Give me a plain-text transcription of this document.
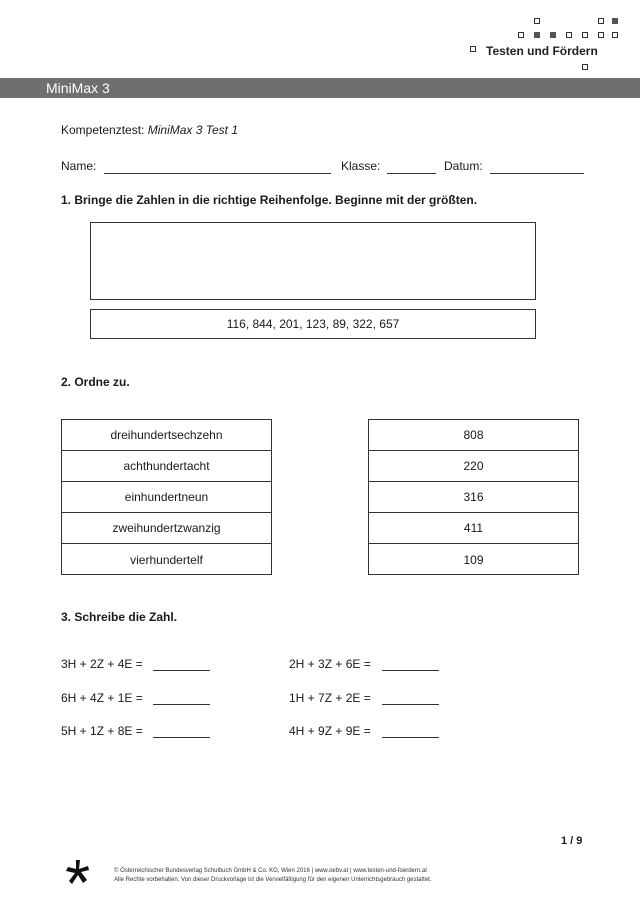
Testen und Fördern
MiniMax 3
Kompetenztest: MiniMax 3 Test 1
Name:	Klasse:	Datum:
1. Bringe die Zahlen in die richtige Reihenfolge. Beginne mit der größten.
116, 844, 201, 123, 89, 322, 657
2. Ordne zu.
dreihundertsechzehn
achthundertacht
einhundertneun
zweihundertzwanzig
vierhundertelf
808
220
316
411
109
3. Schreibe die Zahl.
3H + 2Z + 4E =
6H + 4Z + 1E =
5H + 1Z + 8E =
2H + 3Z + 6E =
1H + 7Z + 2E =
4H + 9Z + 9E =
1 / 9
© Österreichischer Bundesverlag Schulbuch GmbH & Co. KG, Wien 2016 | www.oebv.at | www.testen-und-foerdern.at
Alle Rechte vorbehalten. Von dieser Druckvorlage ist die Vervielfältigung für den eigenen Unterrichtsgebrauch gestattet.
